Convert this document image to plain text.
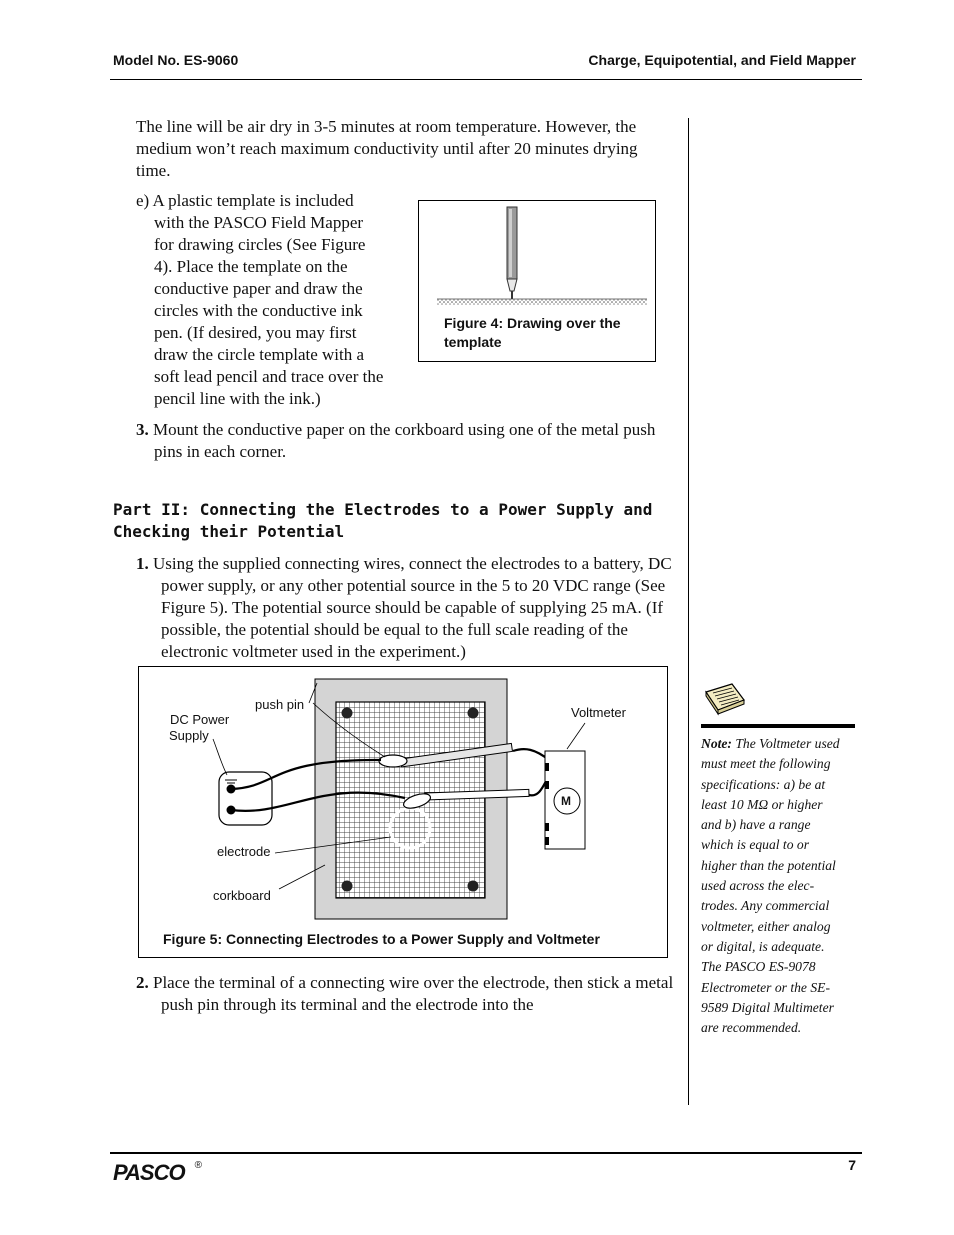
Model No. ES-9060	Charge, Equipotential, and Field Mapper

The line will be air dry in 3-5 minutes at room temperature. However, the medium won’t reach maximum conductivity until after 20 minutes drying time.

e) A plastic template is included
with the PASCO Field Mapper
for drawing circles (See Figure
4). Place the template on the
conductive paper and draw the
circles with the conductive ink
pen. (If desired, you may first
draw the circle template with a
soft lead pencil and trace over the
pencil line with the ink.)
Figure 4: Drawing over the template
3. Mount the conductive paper on the corkboard using one of the metal push pins in each corner.
Part II: Connecting the Electrodes to a Power Supply and Checking their Potential
1. Using the supplied connecting wires, connect the electrodes to a battery, DC power supply, or any other potential source in the 5 to 20 VDC range (See Figure 5). The potential source should be capable of supplying 25 mA. (If possible, the potential should be equal to the full scale reading of the electronic voltmeter used in the experiment.)
DC Power
Supply
push pin
Voltmeter
M
electrode
corkboard
Figure 5: Connecting Electrodes to a Power Supply and Voltmeter
2. Place the terminal of a connecting wire over the electrode, then stick a metal push pin through its terminal and the electrode into the
Note: The Voltmeter used
must meet the following
specifications: a) be at
least 10 MΩ or higher
and b) have a range
which is equal to or
higher than the potential
used across the elec-
trodes. Any commercial
voltmeter, either analog
or digital, is adequate.
The PASCO ES-9078
Electrometer or the SE-
9589 Digital Multimeter
are recommended.
PASCO ®	7
